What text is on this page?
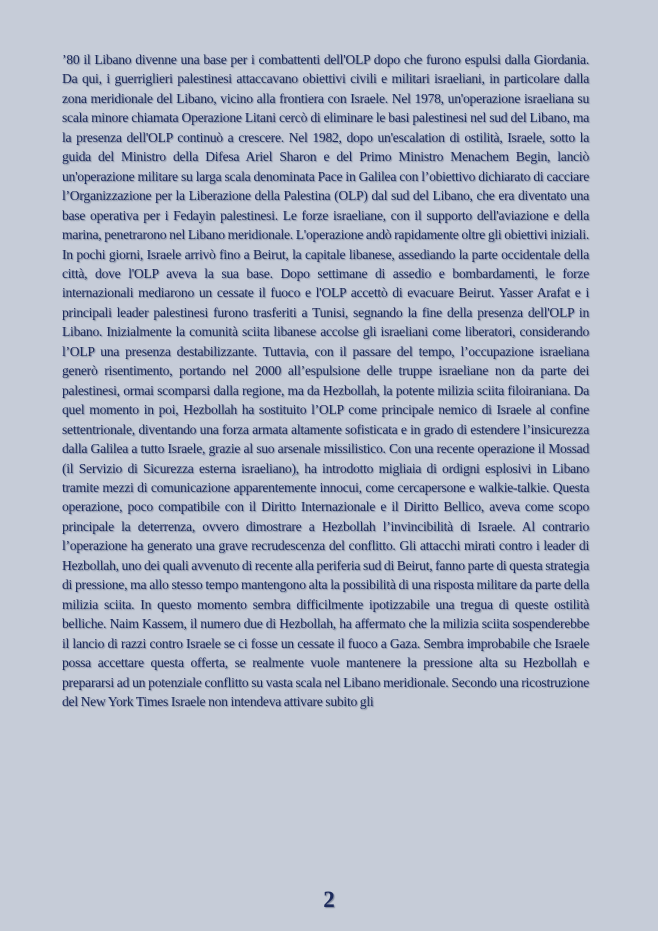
’80 il Libano divenne una base per i combattenti dell'OLP dopo che furono espulsi dalla Giordania. Da qui, i guerriglieri palestinesi attaccavano obiettivi civili e militari israeliani, in particolare dalla zona meridionale del Libano, vicino alla frontiera con Israele. Nel 1978, un'operazione israeliana su scala minore chiamata Operazione Litani cercò di eliminare le basi palestinesi nel sud del Libano, ma la presenza dell'OLP continuò a crescere. Nel 1982, dopo un'escalation di ostilità, Israele, sotto la guida del Ministro della Difesa Ariel Sharon e del Primo Ministro Menachem Begin, lanciò un'operazione militare su larga scala denominata Pace in Galilea con l’obiettivo dichiarato di cacciare l’Organizzazione per la Liberazione della Palestina (OLP) dal sud del Libano, che era diventato una base operativa per i Fedayin palestinesi. Le forze israeliane, con il supporto dell'aviazione e della marina, penetrarono nel Libano meridionale. L'operazione andò rapidamente oltre gli obiettivi iniziali. In pochi giorni, Israele arrivò fino a Beirut, la capitale libanese, assediando la parte occidentale della città, dove l'OLP aveva la sua base. Dopo settimane di assedio e bombardamenti, le forze internazionali mediarono un cessate il fuoco e l'OLP accettò di evacuare Beirut. Yasser Arafat e i principali leader palestinesi furono trasferiti a Tunisi, segnando la fine della presenza dell'OLP in Libano. Inizialmente la comunità sciita libanese accolse gli israeliani come liberatori, considerando l’OLP una presenza destabilizzante. Tuttavia, con il passare del tempo, l’occupazione israeliana generò risentimento, portando nel 2000 all’espulsione delle truppe israeliane non da parte dei palestinesi, ormai scomparsi dalla regione, ma da Hezbollah, la potente milizia sciita filoiraniana. Da quel momento in poi, Hezbollah ha sostituito l’OLP come principale nemico di Israele al confine settentrionale, diventando una forza armata altamente sofisticata e in grado di estendere l’insicurezza dalla Galilea a tutto Israele, grazie al suo arsenale missilistico. Con una recente operazione il Mossad (il Servizio di Sicurezza esterna israeliano), ha introdotto migliaia di ordigni esplosivi in Libano tramite mezzi di comunicazione apparentemente innocui, come cercapersone e walkie-talkie. Questa operazione, poco compatibile con il Diritto Internazionale e il Diritto Bellico, aveva come scopo principale la deterrenza, ovvero dimostrare a Hezbollah l’invincibilità di Israele. Al contrario l’operazione ha generato una grave recrudescenza del conflitto. Gli attacchi mirati contro i leader di Hezbollah, uno dei quali avvenuto di recente alla periferia sud di Beirut, fanno parte di questa strategia di pressione, ma allo stesso tempo mantengono alta la possibilità di una risposta militare da parte della milizia sciita. In questo momento sembra difficilmente ipotizzabile una tregua di queste ostilità belliche. Naim Kassem, il numero due di Hezbollah, ha affermato che la milizia sciita sospenderebbe il lancio di razzi contro Israele se ci fosse un cessate il fuoco a Gaza. Sembra improbabile che Israele possa accettare questa offerta, se realmente vuole mantenere la pressione alta su Hezbollah e prepararsi ad un potenziale conflitto su vasta scala nel Libano meridionale. Secondo una ricostruzione del New York Times Israele non intendeva attivare subito gli

2
